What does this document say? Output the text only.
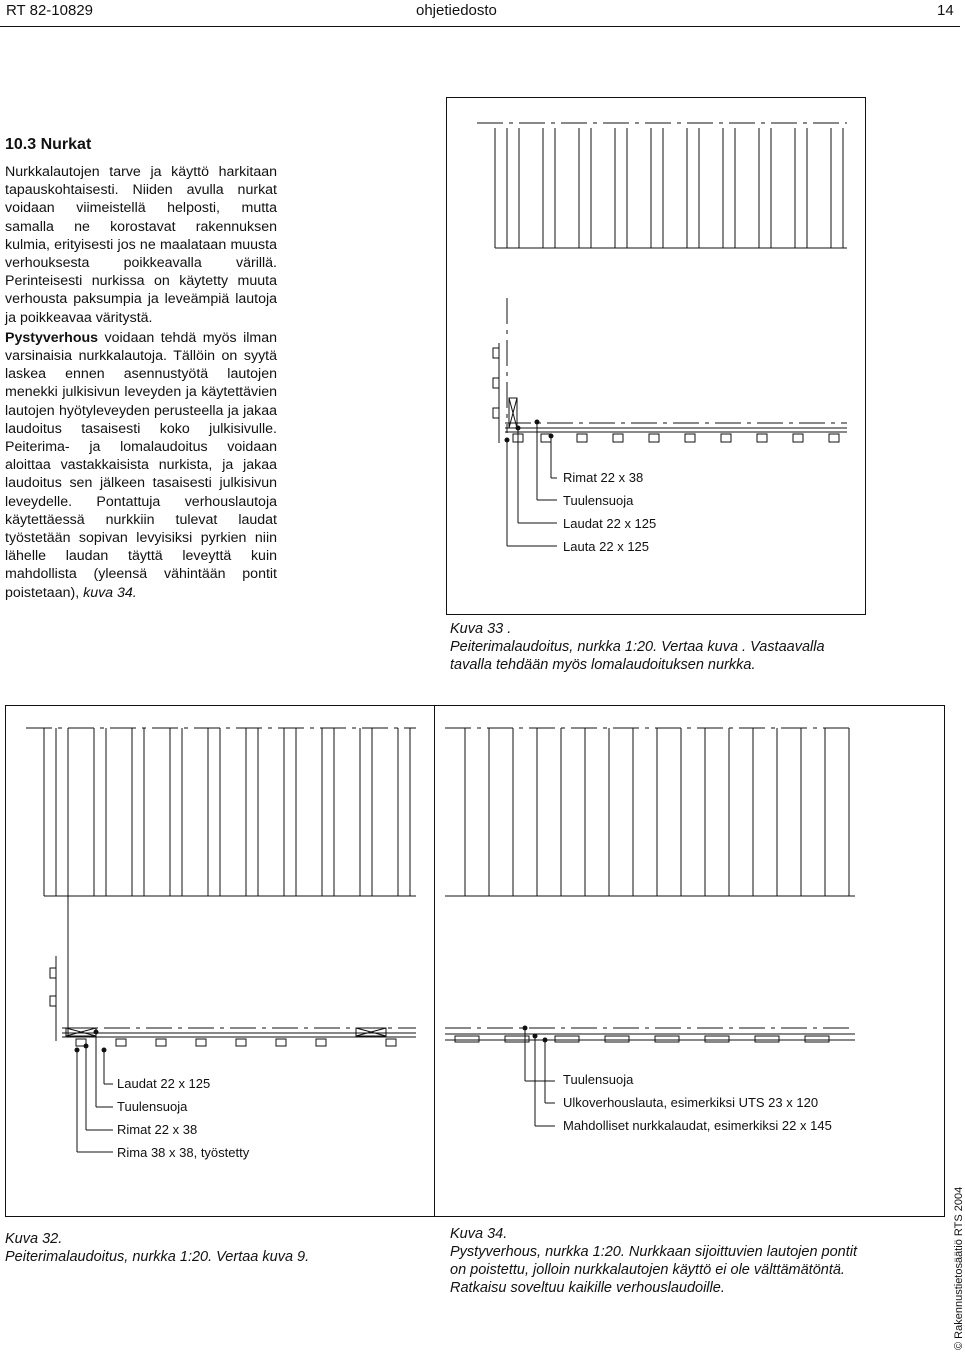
RT 82-10829	ohjetiedosto	14
10.3 Nurkat

Nurkkalautojen tarve ja käyttö harkitaan tapauskohtaisesti. Niiden avulla nurkat voidaan viimeistellä helposti, mutta samalla ne korostavat rakennuksen kulmia, erityisesti jos ne maalataan muusta verhouksesta poikkeavalla värillä. Perinteisesti nurkissa on käytetty muuta verhousta paksumpia ja leveämpiä lautoja ja poikkeavaa väritystä.

Pystyverhous voidaan tehdä myös ilman varsinaisia nurkkalautoja. Tällöin on syytä laskea ennen asennustyötä lautojen menekki julkisivun leveyden ja käytettävien lautojen hyötyleveyden perusteella ja jakaa laudoitus tasaisesti koko julkisivulle. Peiterima- ja lomalaudoitus voidaan aloittaa vastakkaisista nurkista, ja jakaa laudoitus sen jälkeen tasaisesti julkisivun leveydelle. Pontattuja verhouslautoja käytettäessä nurkkiin tulevat laudat työstetään sopivan levyisiksi pyrkien niin lähelle laudan täyttä leveyttä kuin mahdollista (yleensä vähintään pontit poistetaan), kuva 34.

Rimat 22 x 38
Tuulensuoja
Laudat 22 x 125
Lauta 22 x 125
Kuva 33 .
Peiterimalaudoitus, nurkka 1:20. Vertaa kuva . Vastaavalla tavalla tehdään myös lomalaudoituksen nurkka.
Laudat 22 x 125
Tuulensuoja
Rimat 22 x 38
Rima 38 x 38, työstetty
Kuva 32.
Peiterimalaudoitus, nurkka 1:20. Vertaa kuva 9.
Tuulensuoja
Ulkoverhouslauta, esimerkiksi UTS 23 x 120
Mahdolliset nurkkalaudat, esimerkiksi 22 x 145
Kuva 34.
Pystyverhous, nurkka 1:20. Nurkkaan sijoittuvien lautojen pontit on poistettu, jolloin nurkkalautojen käyttö ei ole välttämätöntä. Ratkaisu soveltuu kaikille verhouslaudoille.	© Rakennustietosäätiö RTS 2004
